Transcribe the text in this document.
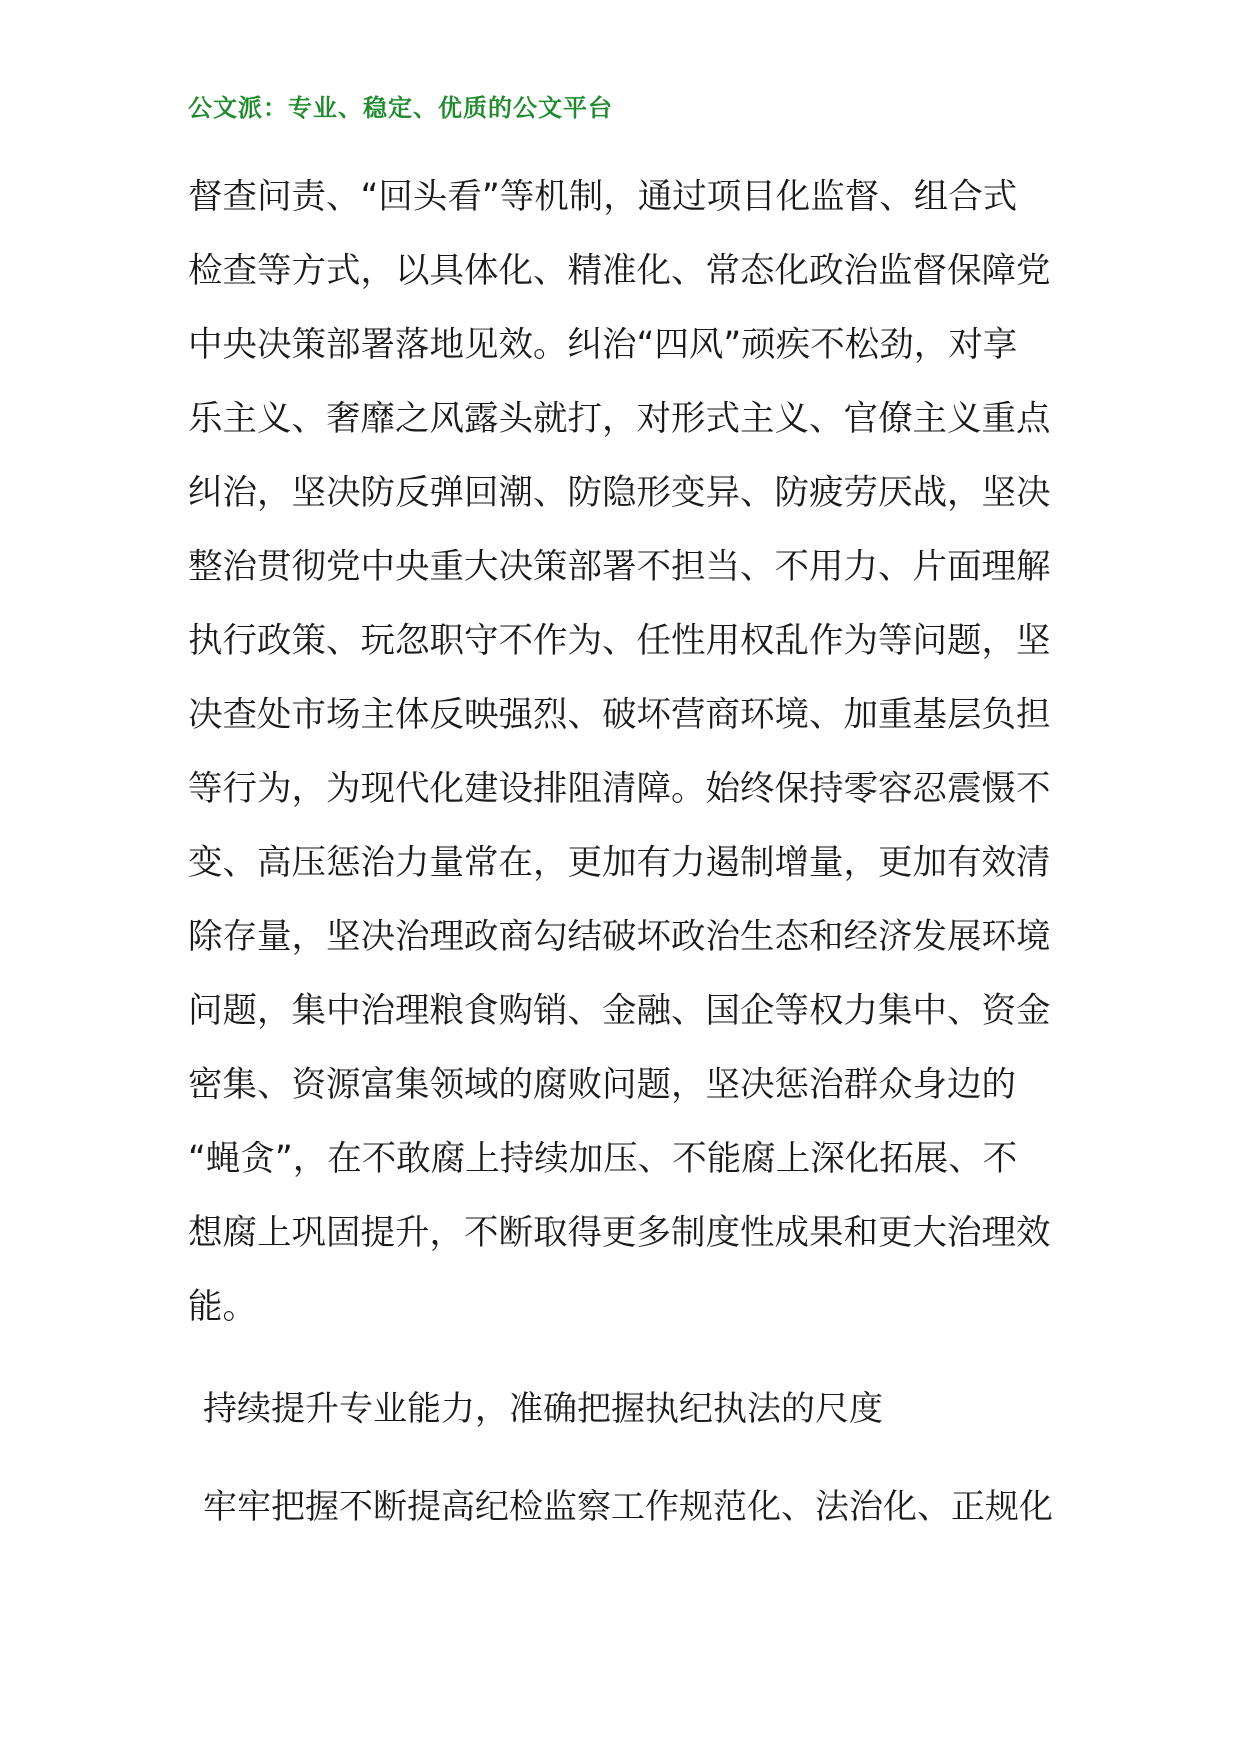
公文派：专业、稳定、优质的公文平台
督查问责、“回头看”等机制，通过项目化监督、组合式
检查等方式，以具体化、精准化、常态化政治监督保障党
中央决策部署落地见效。纠治“四风”顽疾不松劲，对享
乐主义、奢靡之风露头就打，对形式主义、官僚主义重点
纠治，坚决防反弹回潮、防隐形变异、防疲劳厌战，坚决
整治贯彻党中央重大决策部署不担当、不用力、片面理解
执行政策、玩忽职守不作为、任性用权乱作为等问题，坚
决查处市场主体反映强烈、破坏营商环境、加重基层负担
等行为，为现代化建设排阻清障。始终保持零容忍震慑不
变、高压惩治力量常在，更加有力遏制增量，更加有效清
除存量，坚决治理政商勾结破坏政治生态和经济发展环境
问题，集中治理粮食购销、金融、国企等权力集中、资金
密集、资源富集领域的腐败问题，坚决惩治群众身边的
“蝇贪”，在不敢腐上持续加压、不能腐上深化拓展、不
想腐上巩固提升，不断取得更多制度性成果和更大治理效
能。
持续提升专业能力，准确把握执纪执法的尺度
牢牢把握不断提高纪检监察工作规范化、法治化、正规化
